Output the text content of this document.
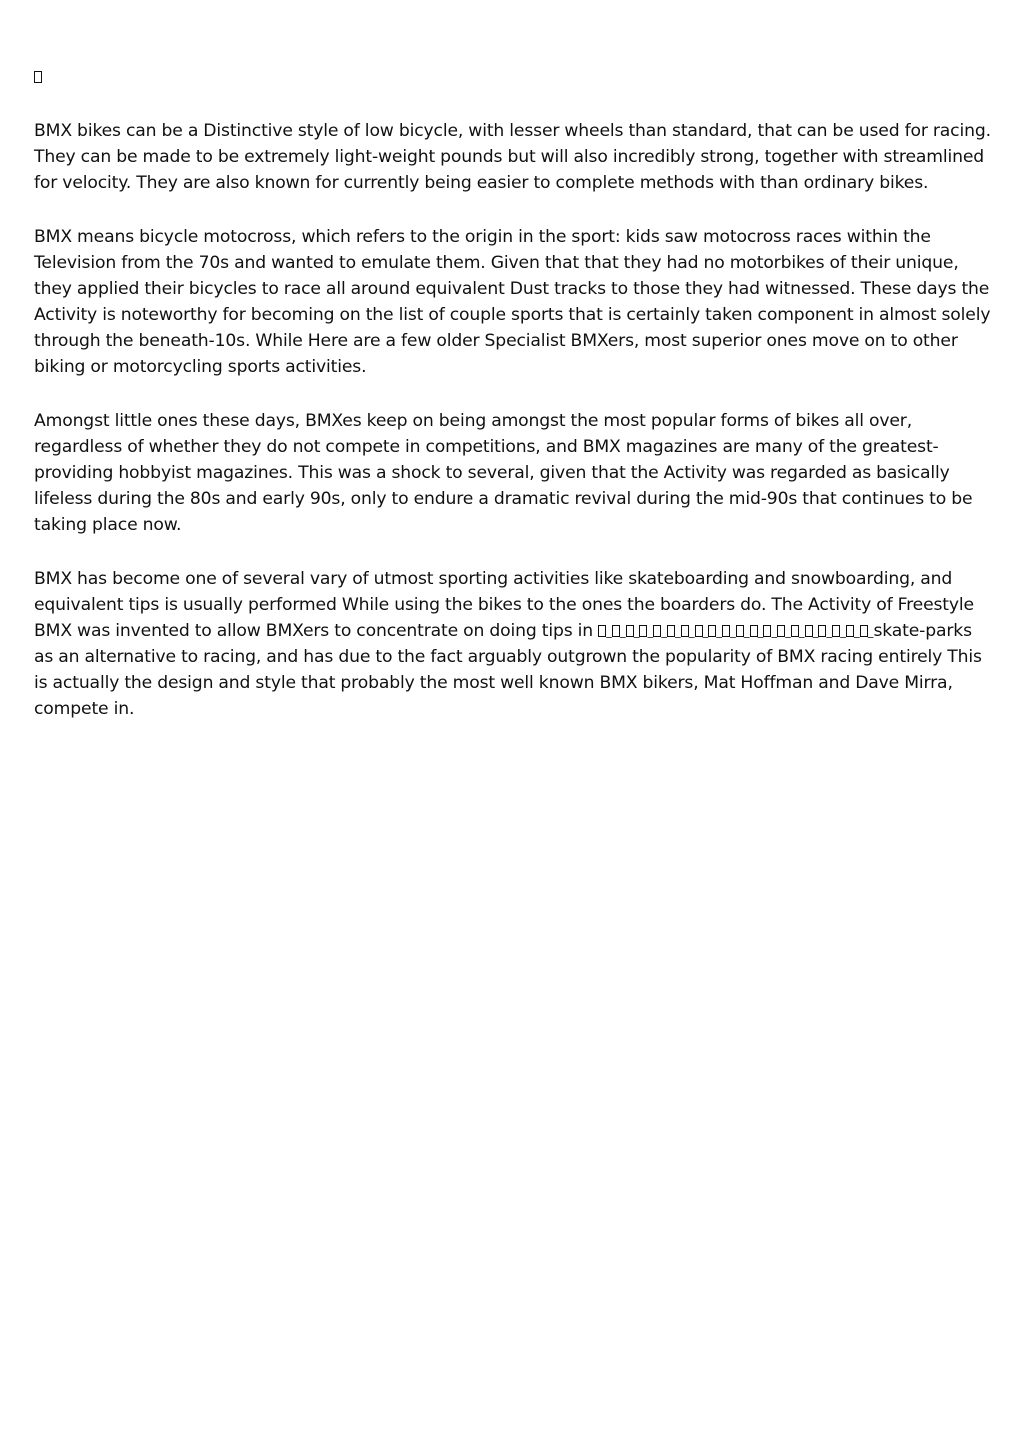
BMX bikes can be a Distinctive style of low bicycle, with lesser wheels than standard, that can be used for racing. They can be made to be extremely light-weight pounds but will also incredibly strong, together with streamlined for velocity. They are also known for currently being easier to complete methods with than ordinary bikes.

BMX means bicycle motocross, which refers to the origin in the sport: kids saw motocross races within the Television from the 70s and wanted to emulate them. Given that that they had no motorbikes of their unique, they applied their bicycles to race all around equivalent Dust tracks to those they had witnessed. These days the Activity is noteworthy for becoming on the list of couple sports that is certainly taken component in almost solely through the beneath-10s. While Here are a few older Specialist BMXers, most superior ones move on to other biking or motorcycling sports activities.

Amongst little ones these days, BMXes keep on being amongst the most popular forms of bikes all over, regardless of whether they do not compete in competitions, and BMX magazines are many of the greatest-providing hobbyist magazines. This was a shock to several, given that the Activity was regarded as basically lifeless during the 80s and early 90s, only to endure a dramatic revival during the mid-90s that continues to be taking place now.

BMX has become one of several vary of utmost sporting activities like skateboarding and snowboarding, and equivalent tips is usually performed While using the bikes to the ones the boarders do. The Activity of Freestyle BMX was invented to allow BMXers to concentrate on doing tips in	skate-parks as an alternative to racing, and has due to the fact arguably outgrown the popularity of BMX racing entirely This is actually the design and style that probably the most well known BMX bikers, Mat Hoffman and Dave Mirra, compete in.
